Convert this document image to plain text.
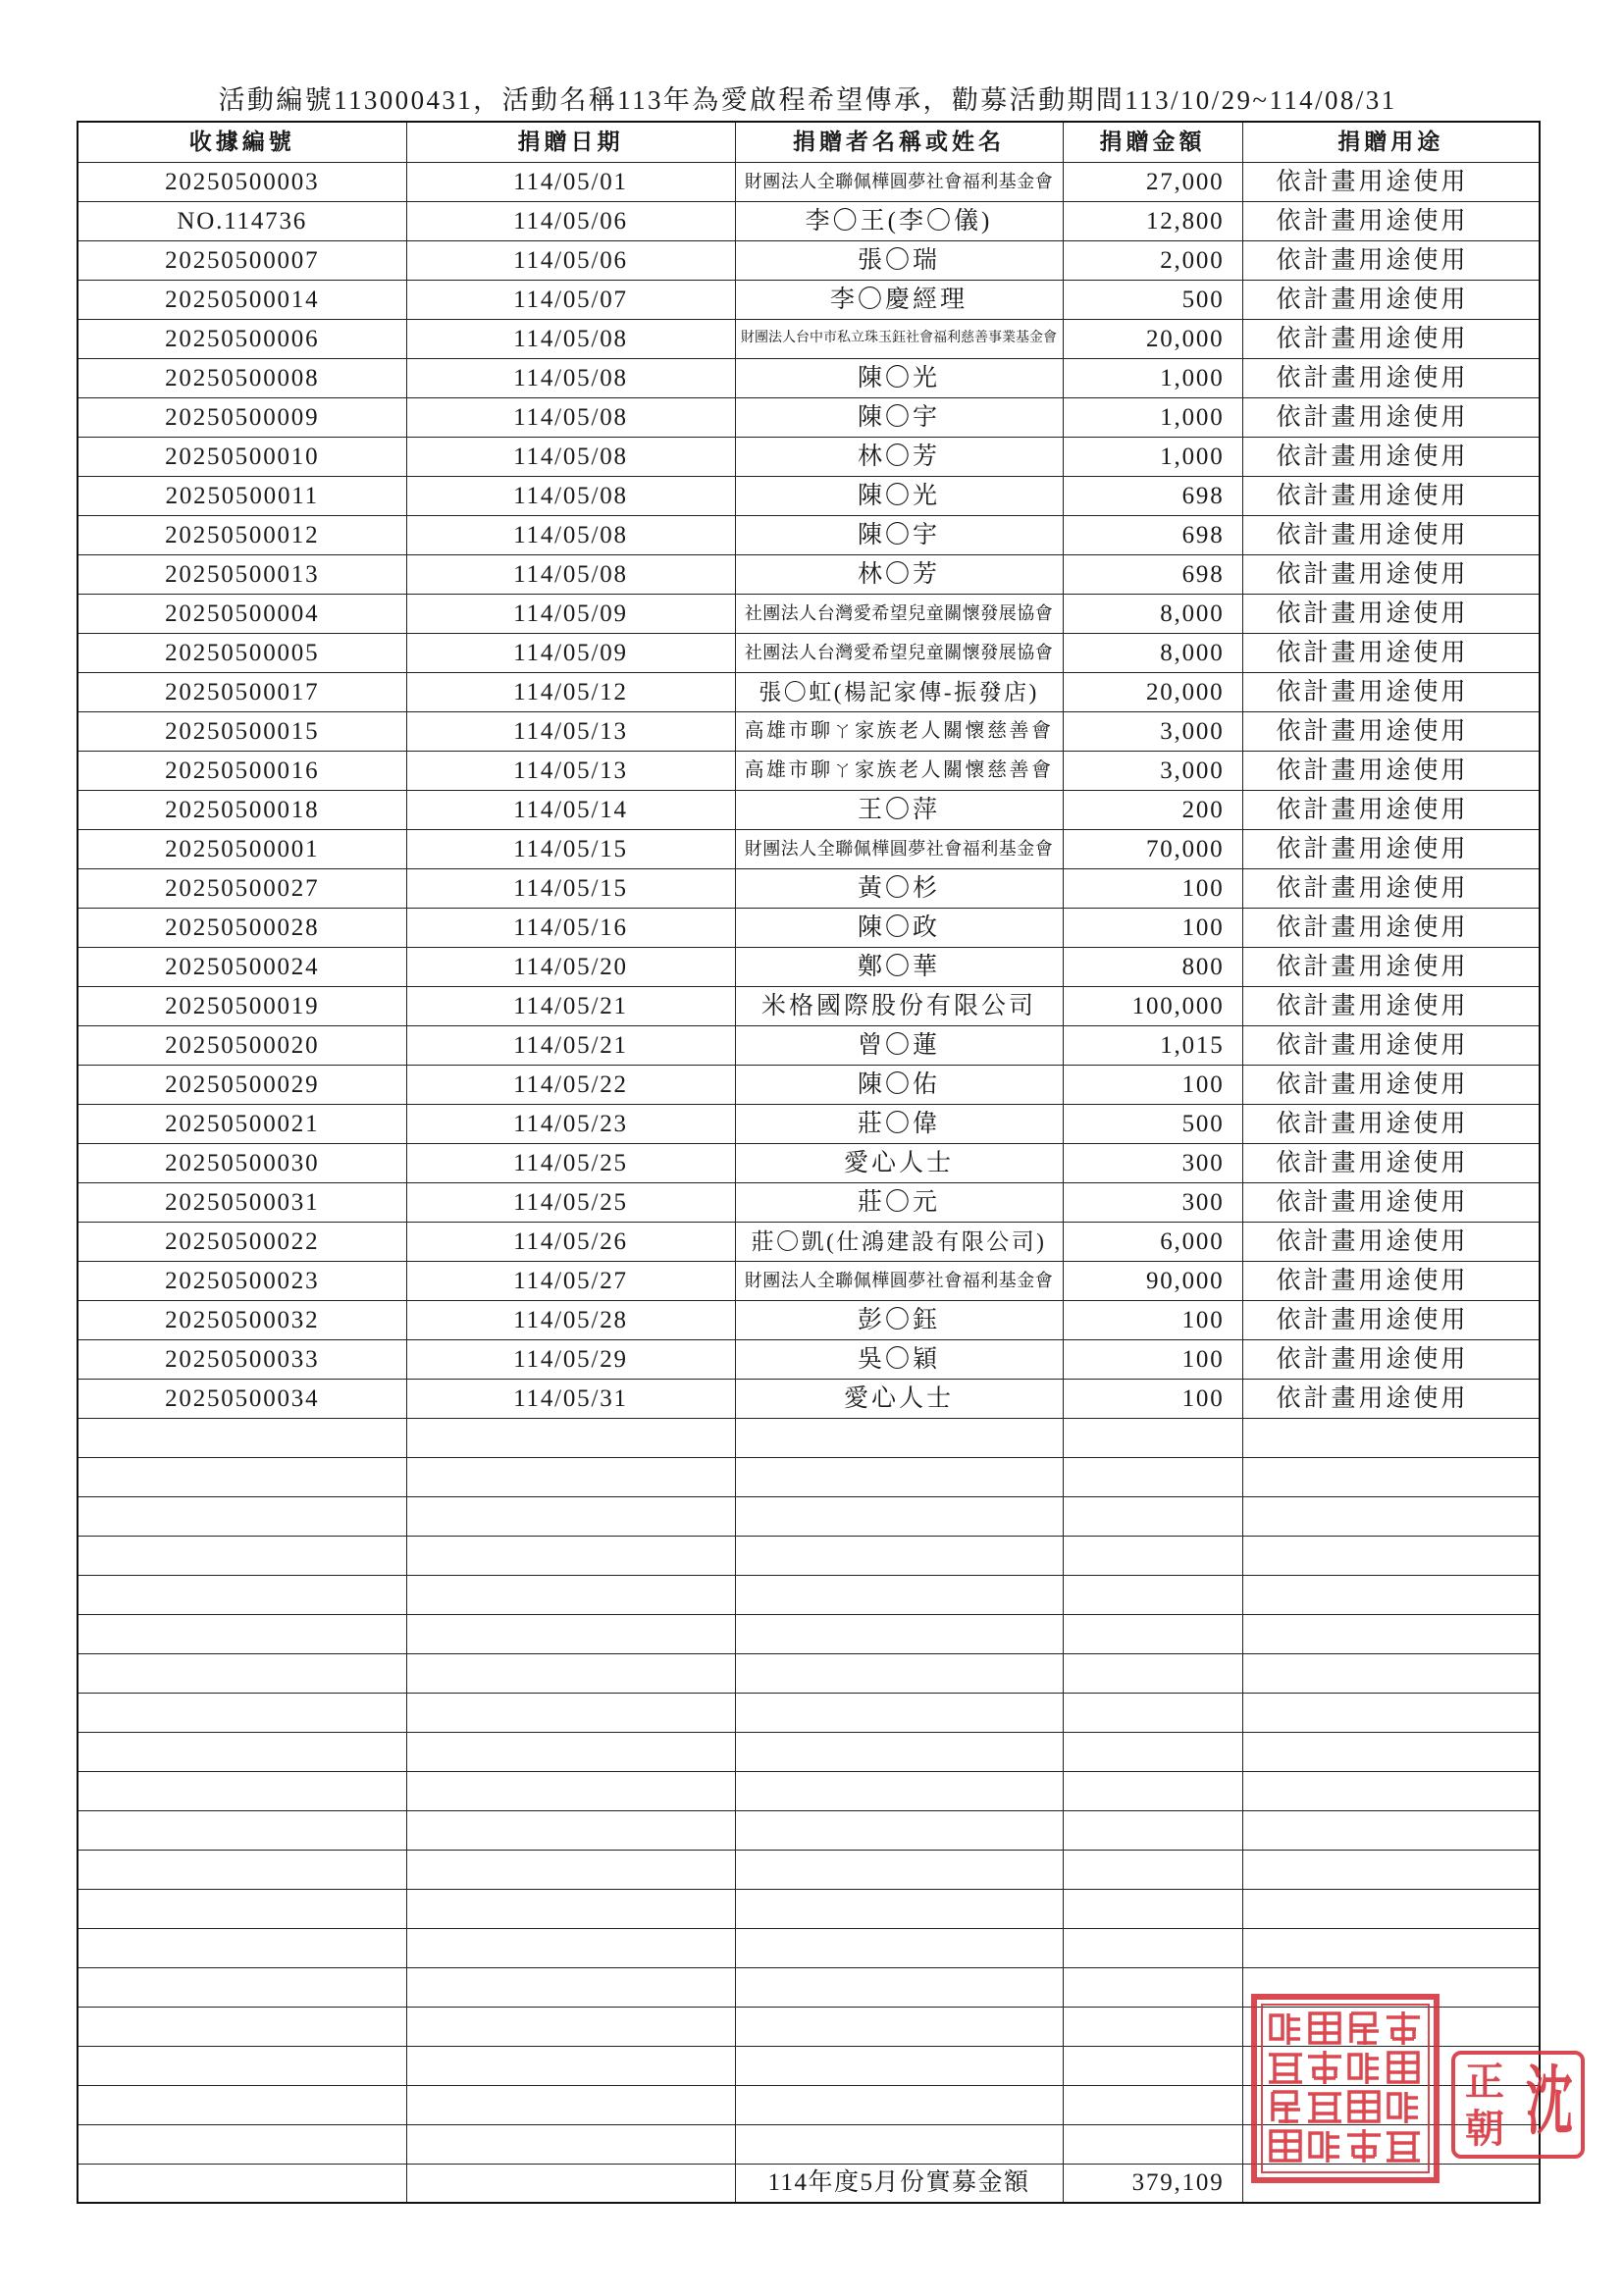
活動編號113000431，活動名稱113年為愛啟程希望傳承，勸募活動期間113/10/29~114/08/31
收據編號	捐贈日期	捐贈者名稱或姓名	捐贈金額	捐贈用途
20250500003	114/05/01	財團法人全聯佩樺圓夢社會福利基金會	27,000	依計畫用途使用
NO.114736	114/05/06	李〇王(李〇儀)	12,800	依計畫用途使用
20250500007	114/05/06	張〇瑞	2,000	依計畫用途使用
20250500014	114/05/07	李〇慶經理	500	依計畫用途使用
20250500006	114/05/08	財團法人台中市私立珠玉鈺社會福利慈善事業基金會	20,000	依計畫用途使用
20250500008	114/05/08	陳〇光	1,000	依計畫用途使用
20250500009	114/05/08	陳〇宇	1,000	依計畫用途使用
20250500010	114/05/08	林〇芳	1,000	依計畫用途使用
20250500011	114/05/08	陳〇光	698	依計畫用途使用
20250500012	114/05/08	陳〇宇	698	依計畫用途使用
20250500013	114/05/08	林〇芳	698	依計畫用途使用
20250500004	114/05/09	社團法人台灣愛希望兒童關懷發展協會	8,000	依計畫用途使用
20250500005	114/05/09	社團法人台灣愛希望兒童關懷發展協會	8,000	依計畫用途使用
20250500017	114/05/12	張〇虹(楊記家傳-振發店)	20,000	依計畫用途使用
20250500015	114/05/13	高雄市聊ㄚ家族老人關懷慈善會	3,000	依計畫用途使用
20250500016	114/05/13	高雄市聊ㄚ家族老人關懷慈善會	3,000	依計畫用途使用
20250500018	114/05/14	王〇萍	200	依計畫用途使用
20250500001	114/05/15	財團法人全聯佩樺圓夢社會福利基金會	70,000	依計畫用途使用
20250500027	114/05/15	黃〇杉	100	依計畫用途使用
20250500028	114/05/16	陳〇政	100	依計畫用途使用
20250500024	114/05/20	鄭〇華	800	依計畫用途使用
20250500019	114/05/21	米格國際股份有限公司	100,000	依計畫用途使用
20250500020	114/05/21	曾〇蓮	1,015	依計畫用途使用
20250500029	114/05/22	陳〇佑	100	依計畫用途使用
20250500021	114/05/23	莊〇偉	500	依計畫用途使用
20250500030	114/05/25	愛心人士	300	依計畫用途使用
20250500031	114/05/25	莊〇元	300	依計畫用途使用
20250500022	114/05/26	莊〇凱(仕鴻建設有限公司)	6,000	依計畫用途使用
20250500023	114/05/27	財團法人全聯佩樺圓夢社會福利基金會	90,000	依計畫用途使用
20250500032	114/05/28	彭〇鈺	100	依計畫用途使用
20250500033	114/05/29	吳〇穎	100	依計畫用途使用
20250500034	114/05/31	愛心人士	100	依計畫用途使用

		114年度5月份實募金額	379,109	
沈
正
朝
